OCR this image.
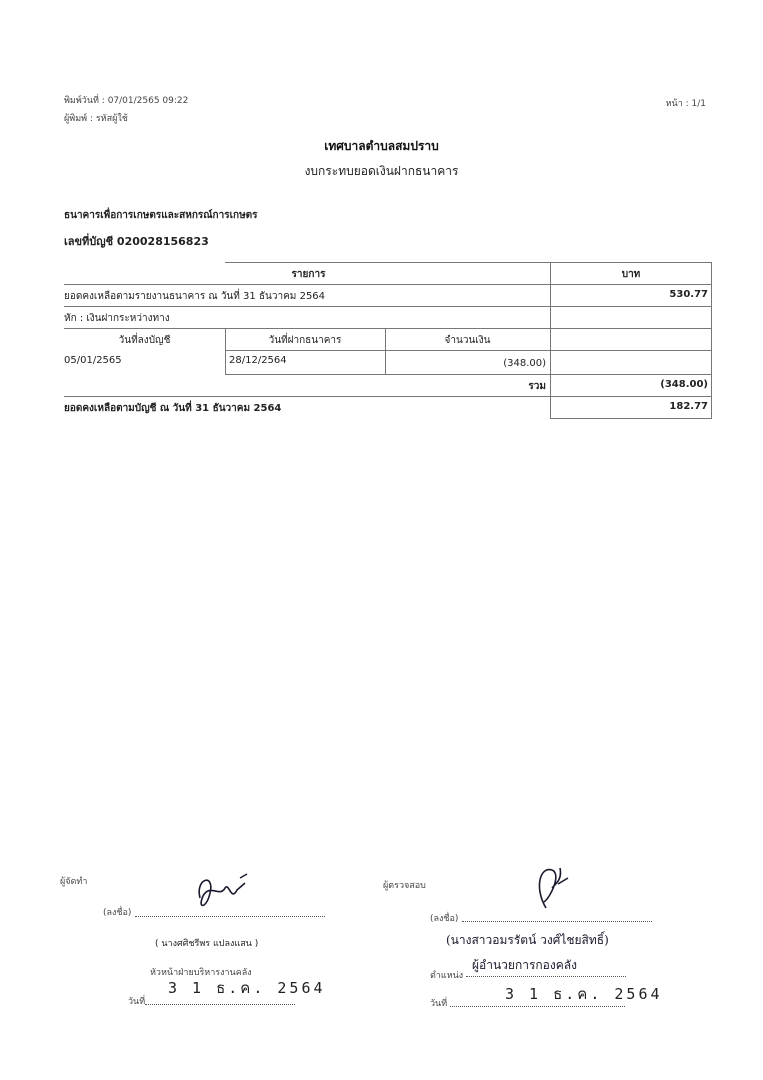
พิมพ์วันที่ : 07/01/2565 09:22
ผู้พิมพ์ : รหัสผู้ใช้
หน้า : 1/1
เทศบาลตำบลสมปราบ
งบกระทบยอดเงินฝากธนาคาร
ธนาคารเพื่อการเกษตรและสหกรณ์การเกษตร
เลขที่บัญชี 020028156823
รายการ	บาท
ยอดคงเหลือตามรายงานธนาคาร ณ วันที่ 31 ธันวาคม 2564	530.77
หัก : เงินฝากระหว่างทาง
วันที่ลงบัญชี	วันที่ฝากธนาคาร	จำนวนเงิน
05/01/2565	28/12/2564	(348.00)
รวม	(348.00)
ยอดคงเหลือตามบัญชี ณ วันที่ 31 ธันวาคม 2564	182.77
ผู้จัดทำ
(ลงชื่อ)
( นางศศิชรีพร แปลงแสน )
หัวหน้าฝ่ายบริหารงานคลัง
วันที่
3 1 ธ.ค. 2564
ผู้ตรวจสอบ
(ลงชื่อ)
(นางสาวอมรรัตน์ วงศ์ไชยสิทธิ์)
ตำแหน่ง
ผู้อำนวยการกองคลัง
วันที่
3 1 ธ.ค. 2564
